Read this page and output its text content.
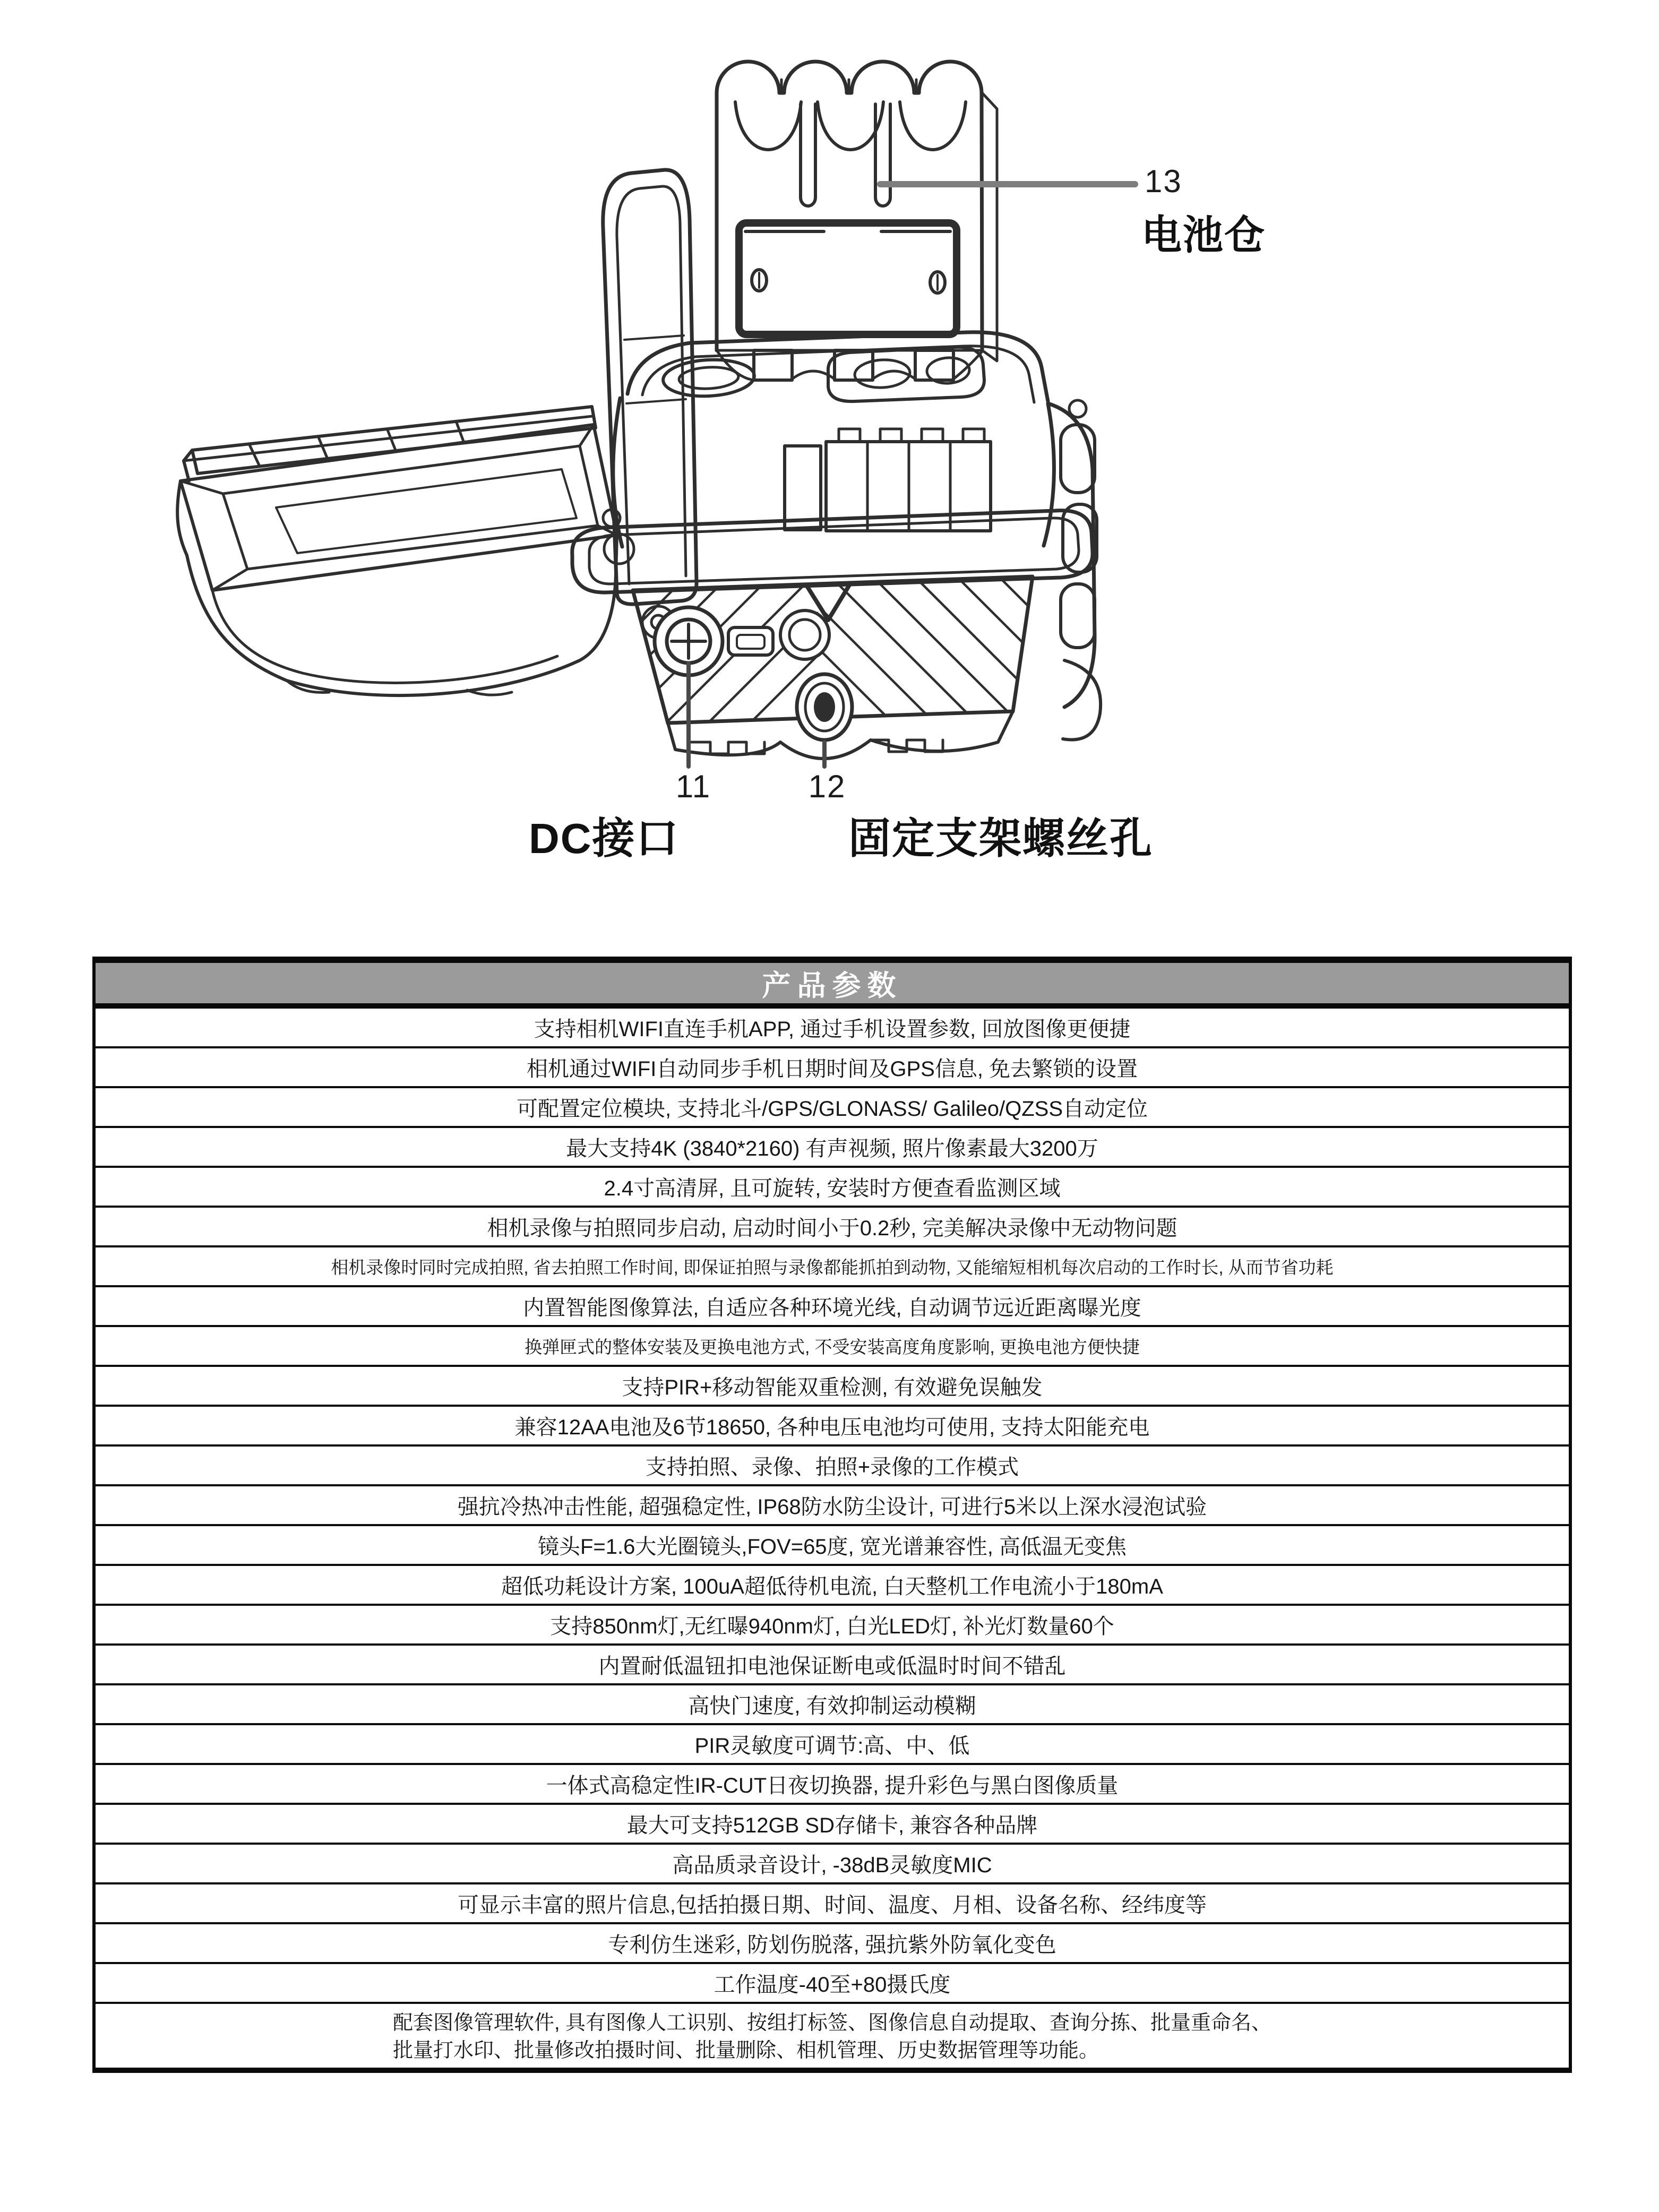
13
电池仓
11	12
DC接口	固定支架螺丝孔
产品参数
支持相机WIFI直连手机APP, 通过手机设置参数, 回放图像更便捷
相机通过WIFI自动同步手机日期时间及GPS信息, 免去繁锁的设置
可配置定位模块, 支持北斗/GPS/GLONASS/ Galileo/QZSS自动定位
最大支持4K (3840*2160) 有声视频, 照片像素最大3200万
2.4寸高清屏, 且可旋转, 安装时方便查看监测区域
相机录像与拍照同步启动, 启动时间小于0.2秒, 完美解决录像中无动物问题
相机录像时同时完成拍照, 省去拍照工作时间, 即保证拍照与录像都能抓拍到动物, 又能缩短相机每次启动的工作时长, 从而节省功耗
内置智能图像算法, 自适应各种环境光线, 自动调节远近距离曝光度
换弹匣式的整体安装及更换电池方式, 不受安装高度角度影响, 更换电池方便快捷
支持PIR+移动智能双重检测, 有效避免误触发
兼容12AA电池及6节18650, 各种电压电池均可使用, 支持太阳能充电
支持拍照、录像、拍照+录像的工作模式
强抗冷热冲击性能, 超强稳定性, IP68防水防尘设计, 可进行5米以上深水浸泡试验
镜头F=1.6大光圈镜头,FOV=65度, 宽光谱兼容性, 高低温无变焦
超低功耗设计方案, 100uA超低待机电流, 白天整机工作电流小于180mA
支持850nm灯,无红曝940nm灯, 白光LED灯, 补光灯数量60个
内置耐低温钮扣电池保证断电或低温时时间不错乱
高快门速度, 有效抑制运动模糊
PIR灵敏度可调节:高、中、低
一体式高稳定性IR-CUT日夜切换器, 提升彩色与黑白图像质量
最大可支持512GB SD存储卡, 兼容各种品牌
高品质录音设计, -38dB灵敏度MIC
可显示丰富的照片信息,包括拍摄日期、时间、温度、月相、设备名称、经纬度等
专利仿生迷彩, 防划伤脱落, 强抗紫外防氧化变色
工作温度-40至+80摄氏度
配套图像管理软件, 具有图像人工识别、按组打标签、图像信息自动提取、查询分拣、批量重命名、
批量打水印、批量修改拍摄时间、批量删除、相机管理、历史数据管理等功能。
